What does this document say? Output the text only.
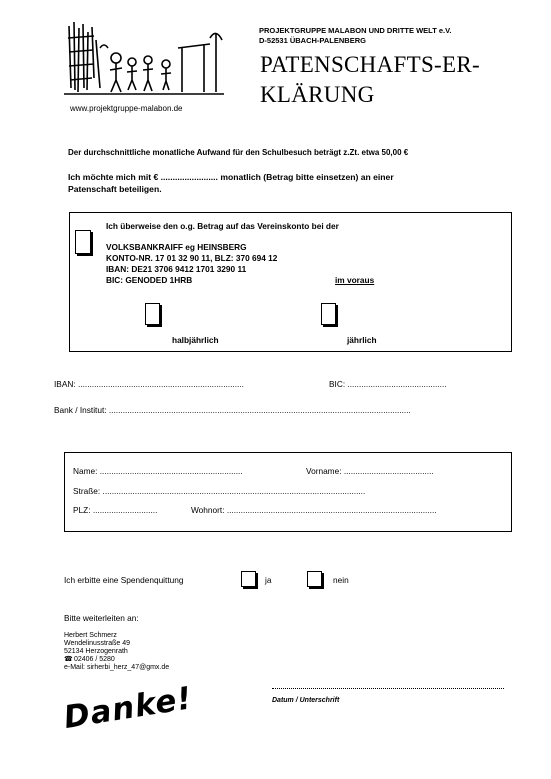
www.projektgruppe-malabon.de
PROJEKTGRUPPE MALABON UND DRITTE WELT e.V.
D-52531 ÜBACH-PALENBERG
PATENSCHAFTS-ER-
KLÄRUNG
Der durchschnittliche monatliche Aufwand für den Schulbesuch beträgt z.Zt. etwa 50,00 €
Ich möchte mich mit € ........................ monatlich (Betrag bitte einsetzen) an einer
Patenschaft beteiligen.
Ich überweise den o.g. Betrag auf das Vereinskonto bei der
VOLKSBANKRAIFF eg HEINSBERG
KONTO-NR. 17 01 32 90 11, BLZ: 370 694 12
IBAN: DE21 3706 9412 1701 3290 11
BIC: GENODED 1HRB	im voraus
halbjährlich	jährlich
IBAN: ........................................................................	BIC: ...........................................
Bank / Institut: ...................................................................................................................................
Name: ..............................................................	Vorname: .......................................
Straße: ..................................................................................................................
PLZ: ............................	Wohnort: ...........................................................................................
Ich erbitte eine Spendenquittung	ja	nein
Bitte weiterleiten an:
Herbert Schmerz
Wendelinusstraße 49
52134 Herzogenrath
☎ 02406 / 5280
e-Mail: sirherbi_herz_47@gmx.de
Danke!	Datum / Unterschrift
